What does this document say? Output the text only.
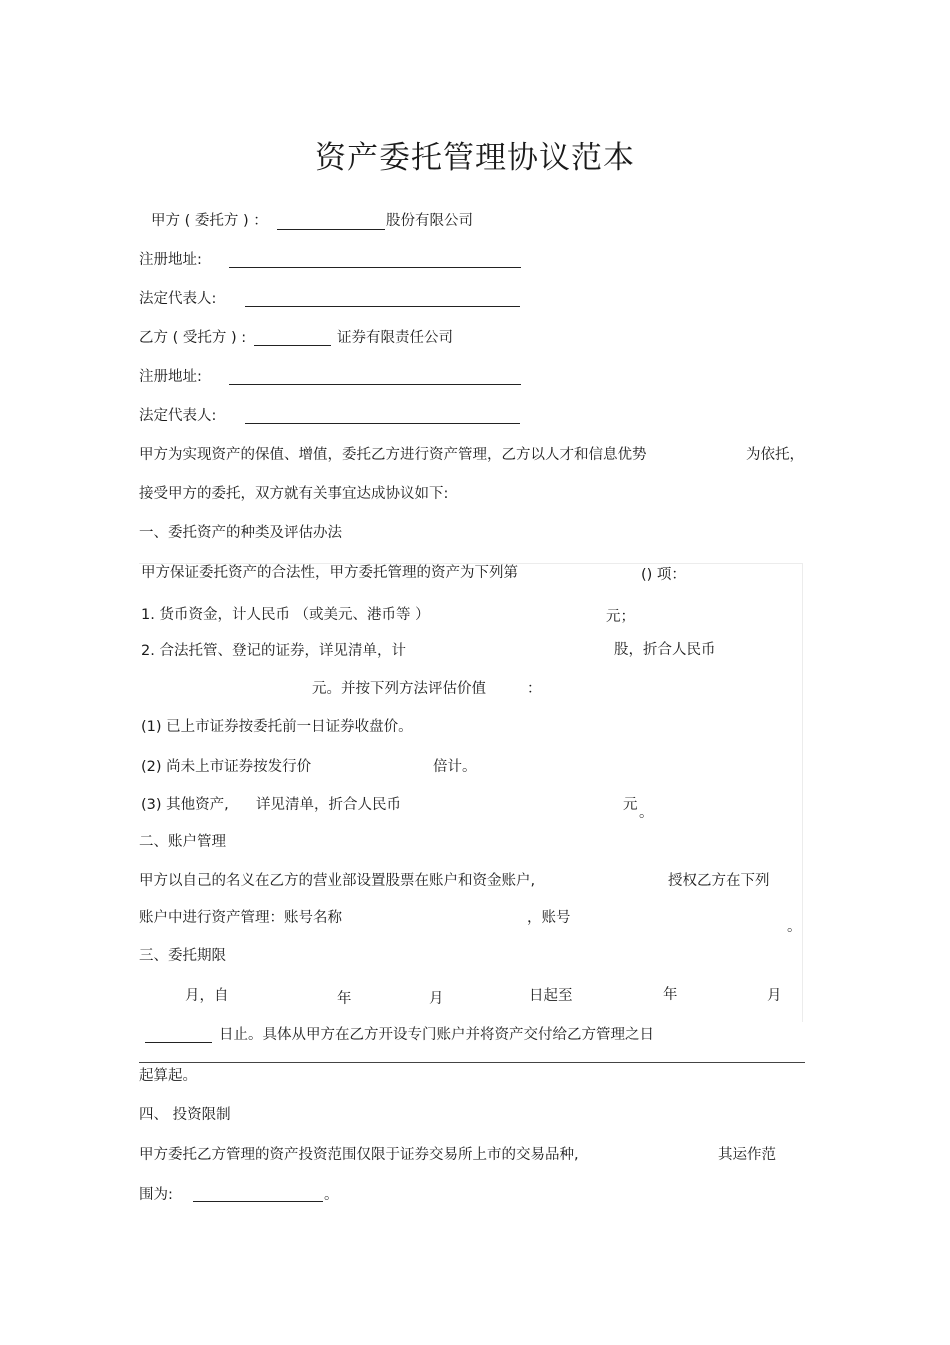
资产委托管理协议范本
甲方 ( 委托方 ) ：	股份有限公司
注册地址:
法定代表人:
乙方 ( 受托方 ) :	证券有限责任公司
注册地址:
法定代表人:
甲方为实现资产的保值、增值，委托乙方进行资产管理，乙方以人才和信息优势	为依托，
接受甲方的委托，双方就有关事宜达成协议如下:
一、委托资产的种类及评估办法
甲方保证委托资产的合法性，甲方委托管理的资产为下列第	() 项：
1. 货币资金，计人民币 （或美元、港币等 ）	元；
2. 合法托管、登记的证券，详见清单，计	股，折合人民币
元。并按下列方法评估价值	：
(1) 已上市证券按委托前一日证券收盘价。
(2) 尚未上市证券按发行价	倍计。
(3) 其他资产, 详见清单，折合人民币	元 。
二、账户管理
甲方以自己的名义在乙方的营业部设置股票在账户和资金账户,	授权乙方在下列
账户中进行资产管理：账号名称	，账号
。
三、委托期限
月，自	年	月	日起至	年	月
日止。具体从甲方在乙方开设专门账户并将资产交付给乙方管理之日
起算起。
四、 投资限制
甲方委托乙方管理的资产投资范围仅限于证券交易所上市的交易品种,	其运作范
围为:	。
